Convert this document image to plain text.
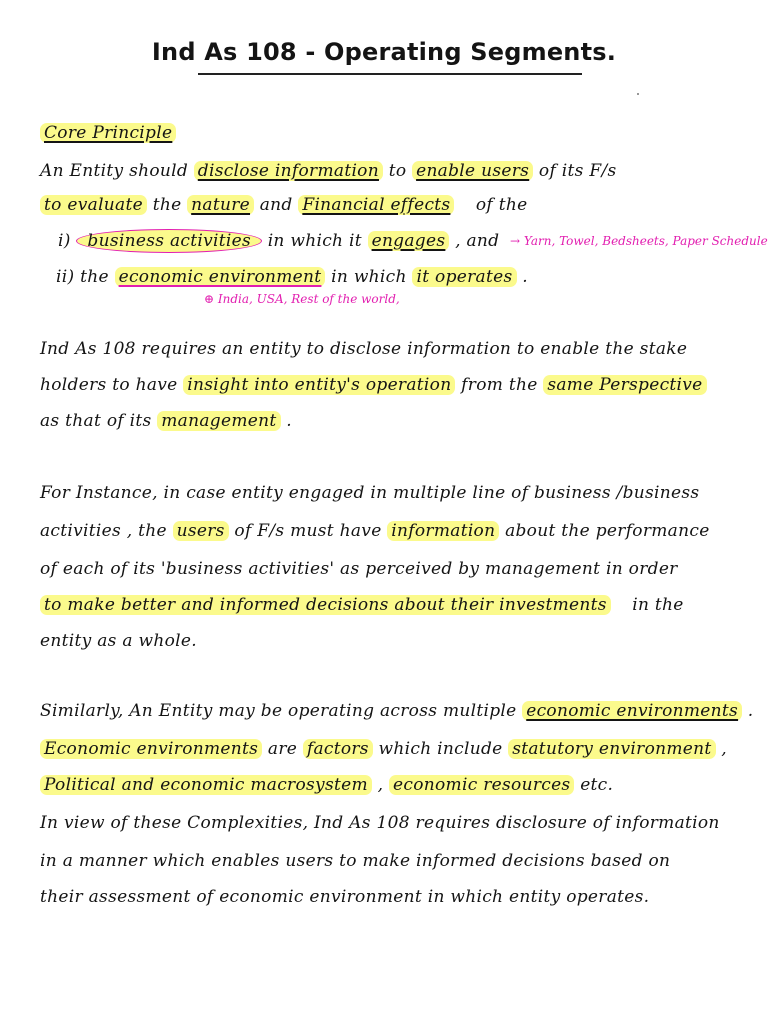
Ind As 108 - Operating Segments.
Core Principle
An Entity should disclose information to enable users of its F/s
to evaluate the nature and Financial effects of the
i) business activities in which it engages , and → Yarn, Towel, Bedsheets, Paper Schedule
ii) the economic environment in which it operates .
⊕ India, USA, Rest of the world,
Ind As 108 requires an entity to disclose information to enable the stake
holders to have insight into entity's operation from the same Perspective
as that of its management .
For Instance, in case entity engaged in multiple line of business /business
activities , the users of F/s must have information about the performance
of each of its 'business activities' as perceived by management in order
to make better and informed decisions about their investments in the
entity as a whole.
Similarly, An Entity may be operating across multiple economic environments .
Economic environments are factors which include statutory environment ,
Political and economic macrosystem , economic resources etc.
In view of these Complexities, Ind As 108 requires disclosure of information
in a manner which enables users to make informed decisions based on
their assessment of economic environment in which entity operates.
